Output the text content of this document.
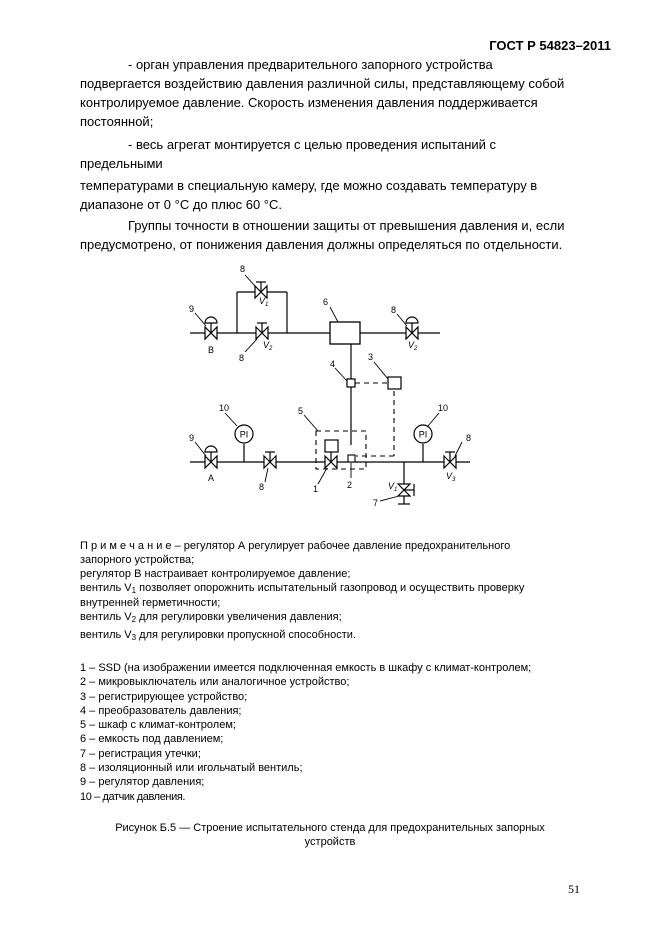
ГОСТ Р 54823–2011
- орган управления предварительного запорного устройства
подвергается воздействию давления различной силы, представляющему собой
контролируемое давление. Скорость изменения давления поддерживается
постоянной;
- весь агрегат монтируется с целью проведения испытаний с
предельными
температурами в специальную камеру, где можно создавать температуру в
диапазоне от 0 °С до плюс 60 °С.
Группы точности в отношении защиты от превышения давления и, если
предусмотрено, от понижения давления должны определяться по отдельности.
PI	PI
8
9
8
6
8
4
3
5
10	10
9	8
8	1	2
7
B
A
$V_1$
$V_2$	$V_2$
$V_3$
$V_1$
П р и м е ч а н и е – регулятор А регулирует рабочее давление предохранительного
запорного устройства;
регулятор В настраивает контролируемое давление;
вентиль $V_1$ позволяет опорожнить испытательный газопровод и осуществить проверку
внутренней герметичности;
вентиль $V_2$ для регулировки увеличения давления;
вентиль $V_3$ для регулировки пропускной способности.
1 – SSD (на изображении имеется подключенная емкость в шкафу с климат-контролем;
2 – микровыключатель или аналогичное устройство;
3 – регистрирующее устройство;
4 – преобразователь давления;
5 – шкаф с климат-контролем;
6 – емкость под давлением;
7 – регистрация утечки;
8 – изоляционный или игольчатый вентиль;
9 – регулятор давления;
10 – датчик давления.
Рисунок Б.5 — Строение испытательного стенда для предохранительных запорных
устройств
51
